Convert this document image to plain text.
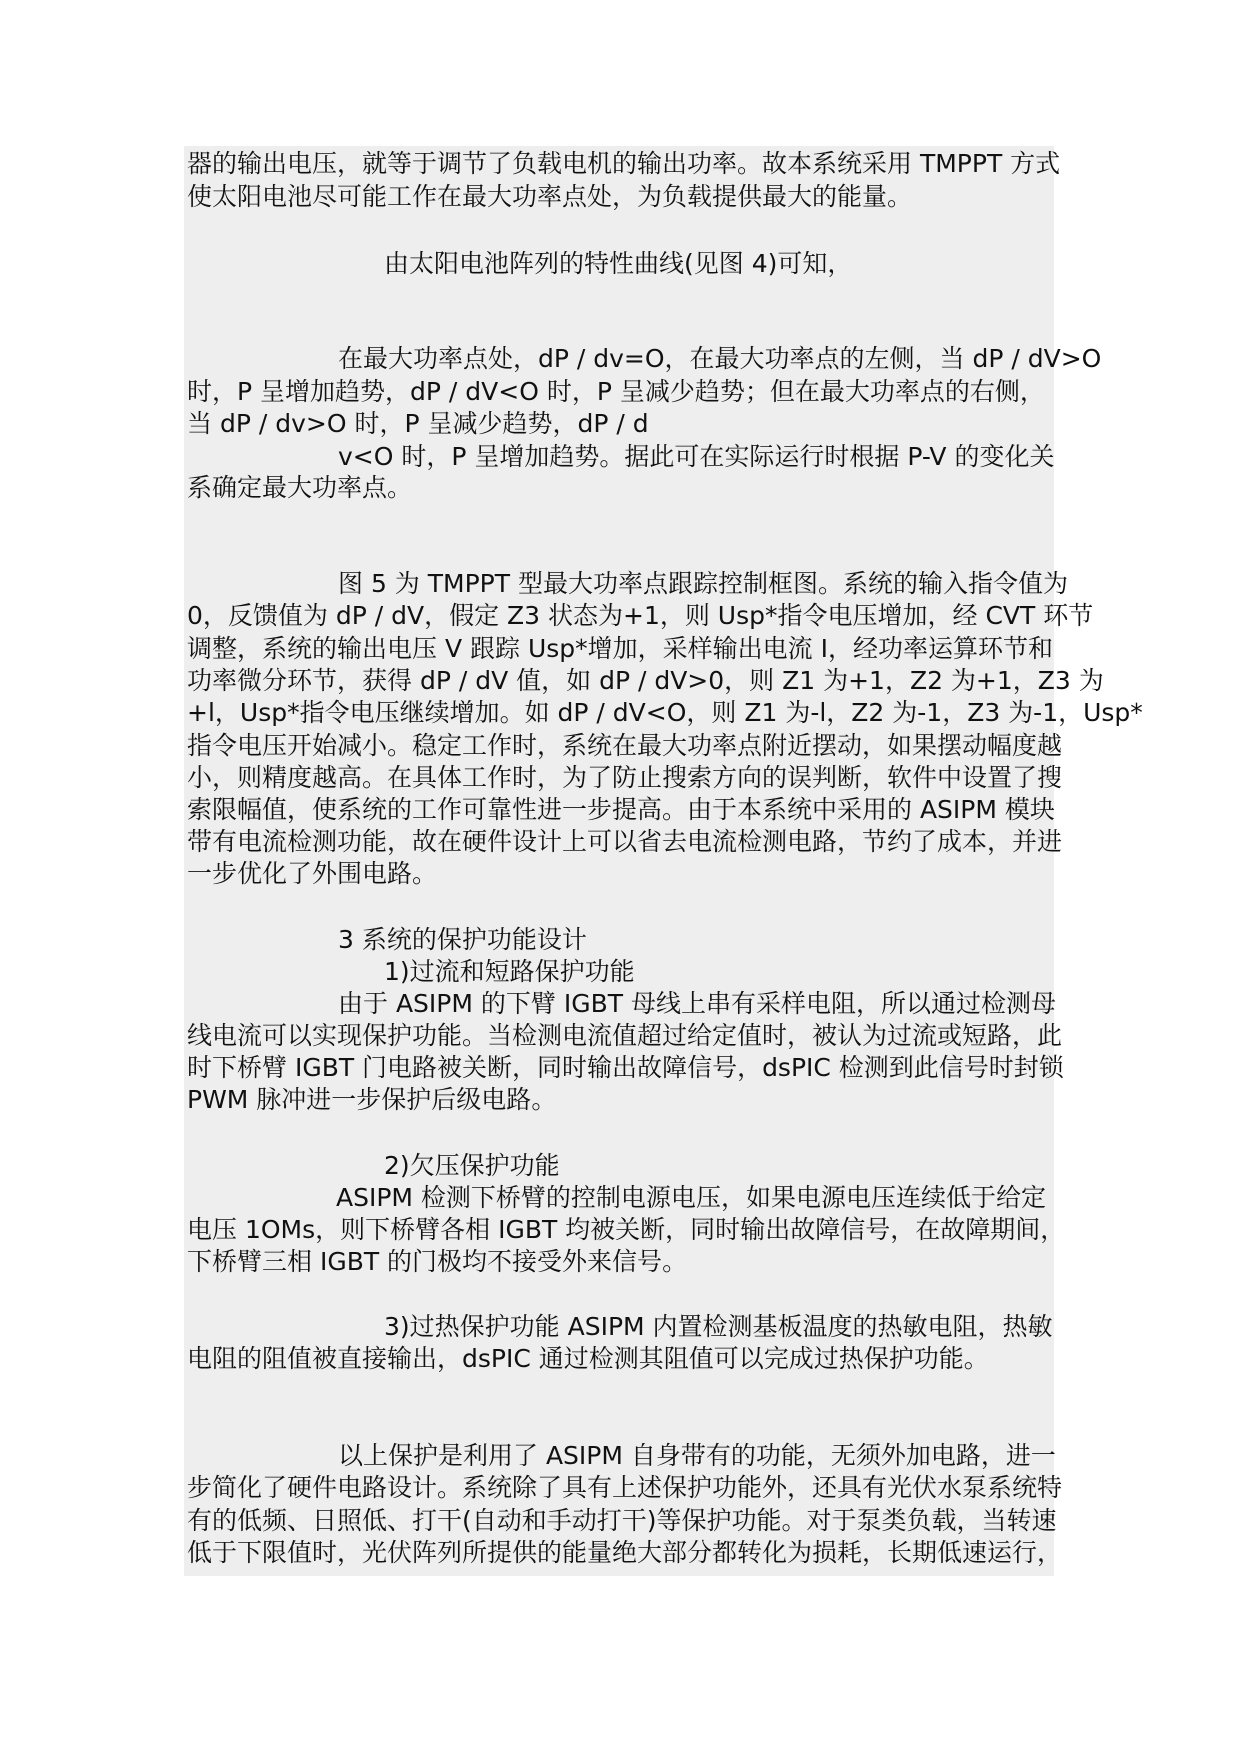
器的输出电压，就等于调节了负载电机的输出功率。故本系统采用 TMPPT 方式
使太阳电池尽可能工作在最大功率点处，为负载提供最大的能量。
由太阳电池阵列的特性曲线(见图 4)可知，
在最大功率点处，dP / dv=O，在最大功率点的左侧，当 dP / dV>O
时，P 呈增加趋势，dP / dV<O 时，P 呈减少趋势；但在最大功率点的右侧，
当 dP / dv>O 时，P 呈减少趋势，dP / d
v<O 时，P 呈增加趋势。据此可在实际运行时根据 P-V 的变化关
系确定最大功率点。
图 5 为 TMPPT 型最大功率点跟踪控制框图。系统的输入指令值为
0，反馈值为 dP / dV，假定 Z3 状态为+1，则 Usp*指令电压增加，经 CVT 环节
调整，系统的输出电压 V 跟踪 Usp*增加，采样输出电流 I，经功率运算环节和
功率微分环节，获得 dP / dV 值，如 dP / dV>0，则 Z1 为+1，Z2 为+1，Z3 为
+l，Usp*指令电压继续增加。如 dP / dV<O，则 Z1 为-l，Z2 为-1，Z3 为-1，Usp*
指令电压开始减小。稳定工作时，系统在最大功率点附近摆动，如果摆动幅度越
小，则精度越高。在具体工作时，为了防止搜索方向的误判断，软件中设置了搜
索限幅值，使系统的工作可靠性进一步提高。由于本系统中采用的 ASIPM 模块
带有电流检测功能，故在硬件设计上可以省去电流检测电路，节约了成本，并进
一步优化了外围电路。
3 系统的保护功能设计
1)过流和短路保护功能
由于 ASIPM 的下臂 IGBT 母线上串有采样电阻，所以通过检测母
线电流可以实现保护功能。当检测电流值超过给定值时，被认为过流或短路，此
时下桥臂 IGBT 门电路被关断，同时输出故障信号，dsPIC 检测到此信号时封锁
PWM 脉冲进一步保护后级电路。
2)欠压保护功能
ASIPM 检测下桥臂的控制电源电压，如果电源电压连续低于给定
电压 1OMs，则下桥臂各相 IGBT 均被关断，同时输出故障信号，在故障期间，
下桥臂三相 IGBT 的门极均不接受外来信号。
3)过热保护功能 ASIPM 内置检测基板温度的热敏电阻，热敏
电阻的阻值被直接输出，dsPIC 通过检测其阻值可以完成过热保护功能。
以上保护是利用了 ASIPM 自身带有的功能，无须外加电路，进一
步简化了硬件电路设计。系统除了具有上述保护功能外，还具有光伏水泵系统特
有的低频、日照低、打干(自动和手动打干)等保护功能。对于泵类负载，当转速
低于下限值时，光伏阵列所提供的能量绝大部分都转化为损耗，长期低速运行，
